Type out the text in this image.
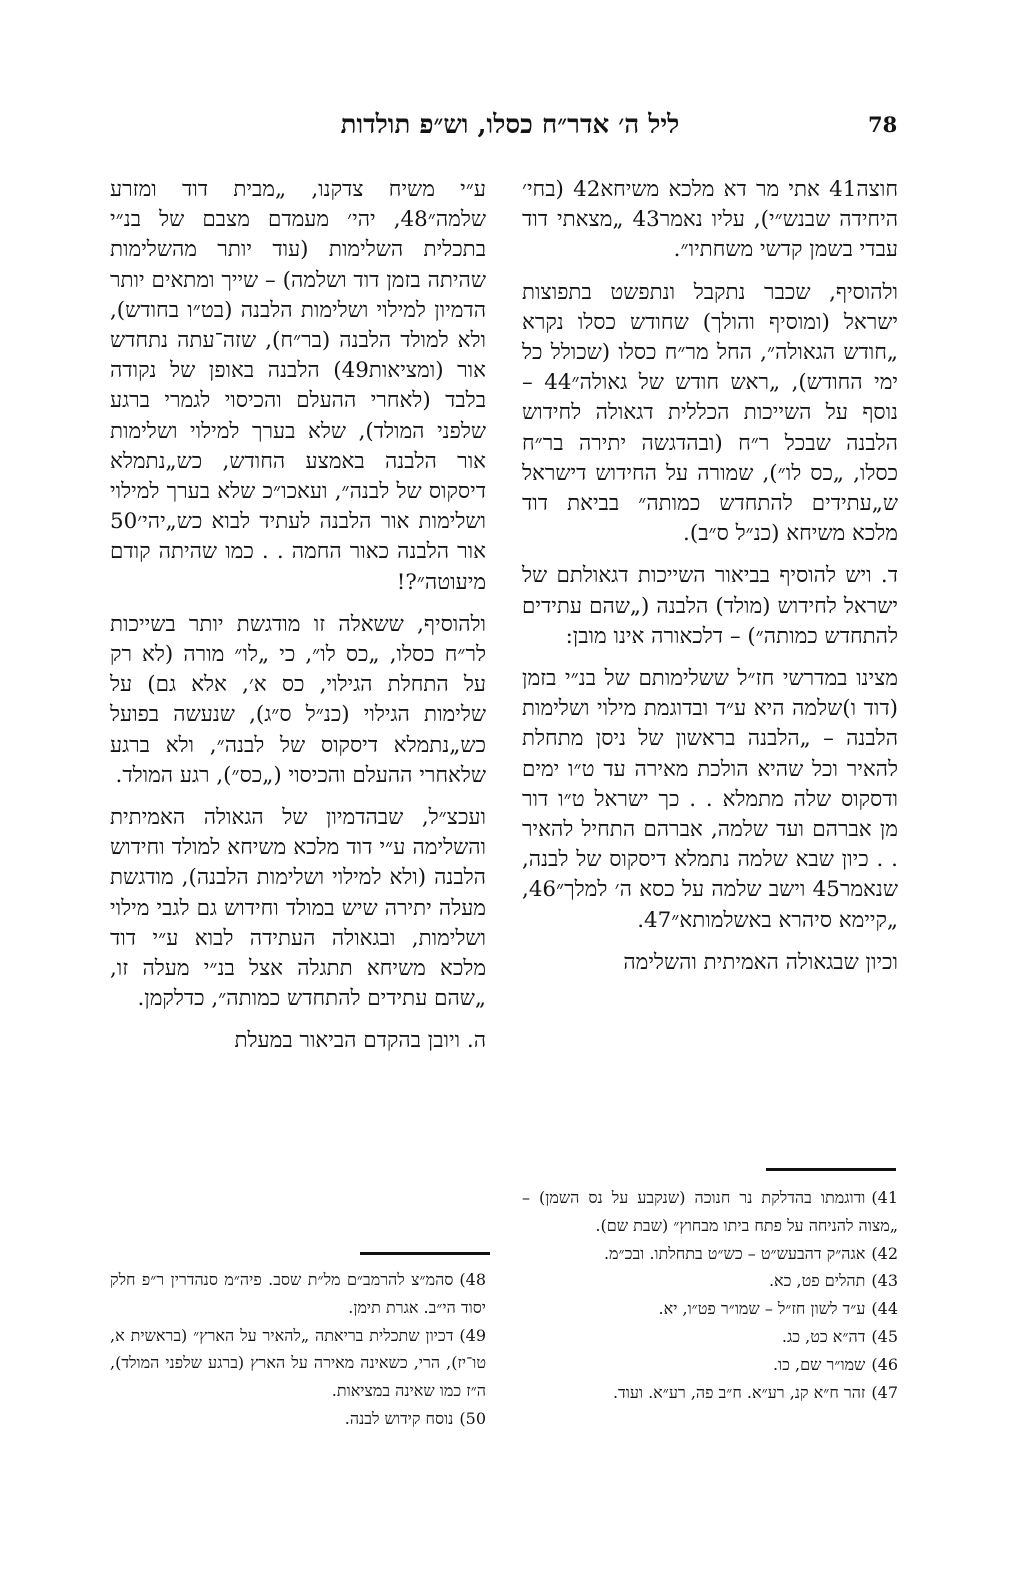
78
ליל ה׳ אדר״ח כסלו, וש״פ תולדות

חוצה41 אתי מר דא מלכא משיחא42 (בחי׳ היחידה שבנש״י), עליו נאמר43 „מצאתי דוד עבדי בשמן קדשי משחתיו״.

ולהוסיף, שכבר נתקבל ונתפשט בתפוצות ישראל (ומוסיף והולך) שחודש כסלו נקרא „חודש הגאולה״, החל מר״ח כסלו (שכולל כל ימי החודש), „ראש חודש של גאולה״44 – נוסף על השייכות הכללית דגאולה לחידוש הלבנה שבכל ר״ח (ובהדגשה יתירה בר״ח כסלו, „כס לו״), שמורה על החידוש דישראל ש„עתידים להתחדש כמותה״ בביאת דוד מלכא משיחא (כנ״ל ס״ב).

ד. ויש להוסיף בביאור השייכות דגאולתם של ישראל לחידוש (מולד) הלבנה („שהם עתידים להתחדש כמותה״) – דלכאורה אינו מובן:

מצינו במדרשי חז״ל ששלימותם של בנ״י בזמן (דוד ו)שלמה היא ע״ד ובדוגמת מילוי ושלימות הלבנה – „הלבנה בראשון של ניסן מתחלת להאיר וכל שהיא הולכת מאירה עד ט״ו ימים ודסקוס שלה מתמלא . . כך ישראל ט״ו דור מן אברהם ועד שלמה, אברהם התחיל להאיר . . כיון שבא שלמה נתמלא דיסקוס של לבנה, שנאמר45 וישב שלמה על כסא ה׳ למלך״46, „קיימא סיהרא באשלמותא״47.

וכיון שבגאולה האמיתית והשלימה

ע״י משיח צדקנו, „מבית דוד ומזרע שלמה״48, יהי׳ מעמדם מצבם של בנ״י בתכלית השלימות (עוד יותר מהשלימות שהיתה בזמן דוד ושלמה) – שייך ומתאים יותר הדמיון למילוי ושלימות הלבנה (בט״ו בחודש), ולא למולד הלבנה (בר״ח), שזה־עתה נתחדש אור (ומציאות49) הלבנה באופן של נקודה בלבד (לאחרי ההעלם והכיסוי לגמרי ברגע שלפני המולד), שלא בערך למילוי ושלימות אור הלבנה באמצע החודש, כש„נתמלא דיסקוס של לבנה״, ועאכו״כ שלא בערך למילוי ושלימות אור הלבנה לעתיד לבוא כש„יהי׳50 אור הלבנה כאור החמה . . כמו שהיתה קודם מיעוטה״?!

ולהוסיף, ששאלה זו מודגשת יותר בשייכות לר״ח כסלו, „כס לו״, כי „לו״ מורה (לא רק על התחלת הגילוי, כס א׳, אלא גם) על שלימות הגילוי (כנ״ל ס״ג), שנעשה בפועל כש„נתמלא דיסקוס של לבנה״, ולא ברגע שלאחרי ההעלם והכיסוי („כס״), רגע המולד.

ועכצ״ל, שבהדמיון של הגאולה האמיתית והשלימה ע״י דוד מלכא משיחא למולד וחידוש הלבנה (ולא למילוי ושלימות הלבנה), מודגשת מעלה יתירה שיש במולד וחידוש גם לגבי מילוי ושלימות, ובגאולה העתידה לבוא ע״י דוד מלכא משיחא תתגלה אצל בנ״י מעלה זו, „שהם עתידים להתחדש כמותה״, כדלקמן.

ה. ויובן בהקדם הביאור במעלת

41)ודוגמתו בהדלקת נר חנוכה (שנקבע על נס השמן) – „מצוה להניחה על פתח ביתו מבחוץ״ (שבת שם).

42)אגה״ק דהבעש״ט – כש״ט בתחלתו. ובכ״מ.

43)תהלים פט, כא.

44)ע״ד לשון חז״ל – שמו״ר פט״ו, יא.

45)דה״א כט, כג.

46)שמו״ר שם, כו.

47)זהר ח״א קנ, רע״א. ח״ב פה, רע״א. ועוד.

48)סהמ״צ להרמב״ם מל״ת שסב. פיה״מ סנהדרין ר״פ חלק יסוד הי״ב. אגרת תימן.

49)דכיון שתכלית בריאתה „להאיר על הארץ״ (בראשית א, טו־יז), הרי, כשאינה מאירה על הארץ (ברגע שלפני המולד), ה״ז כמו שאינה במציאות.

50)נוסח קידוש לבנה.
